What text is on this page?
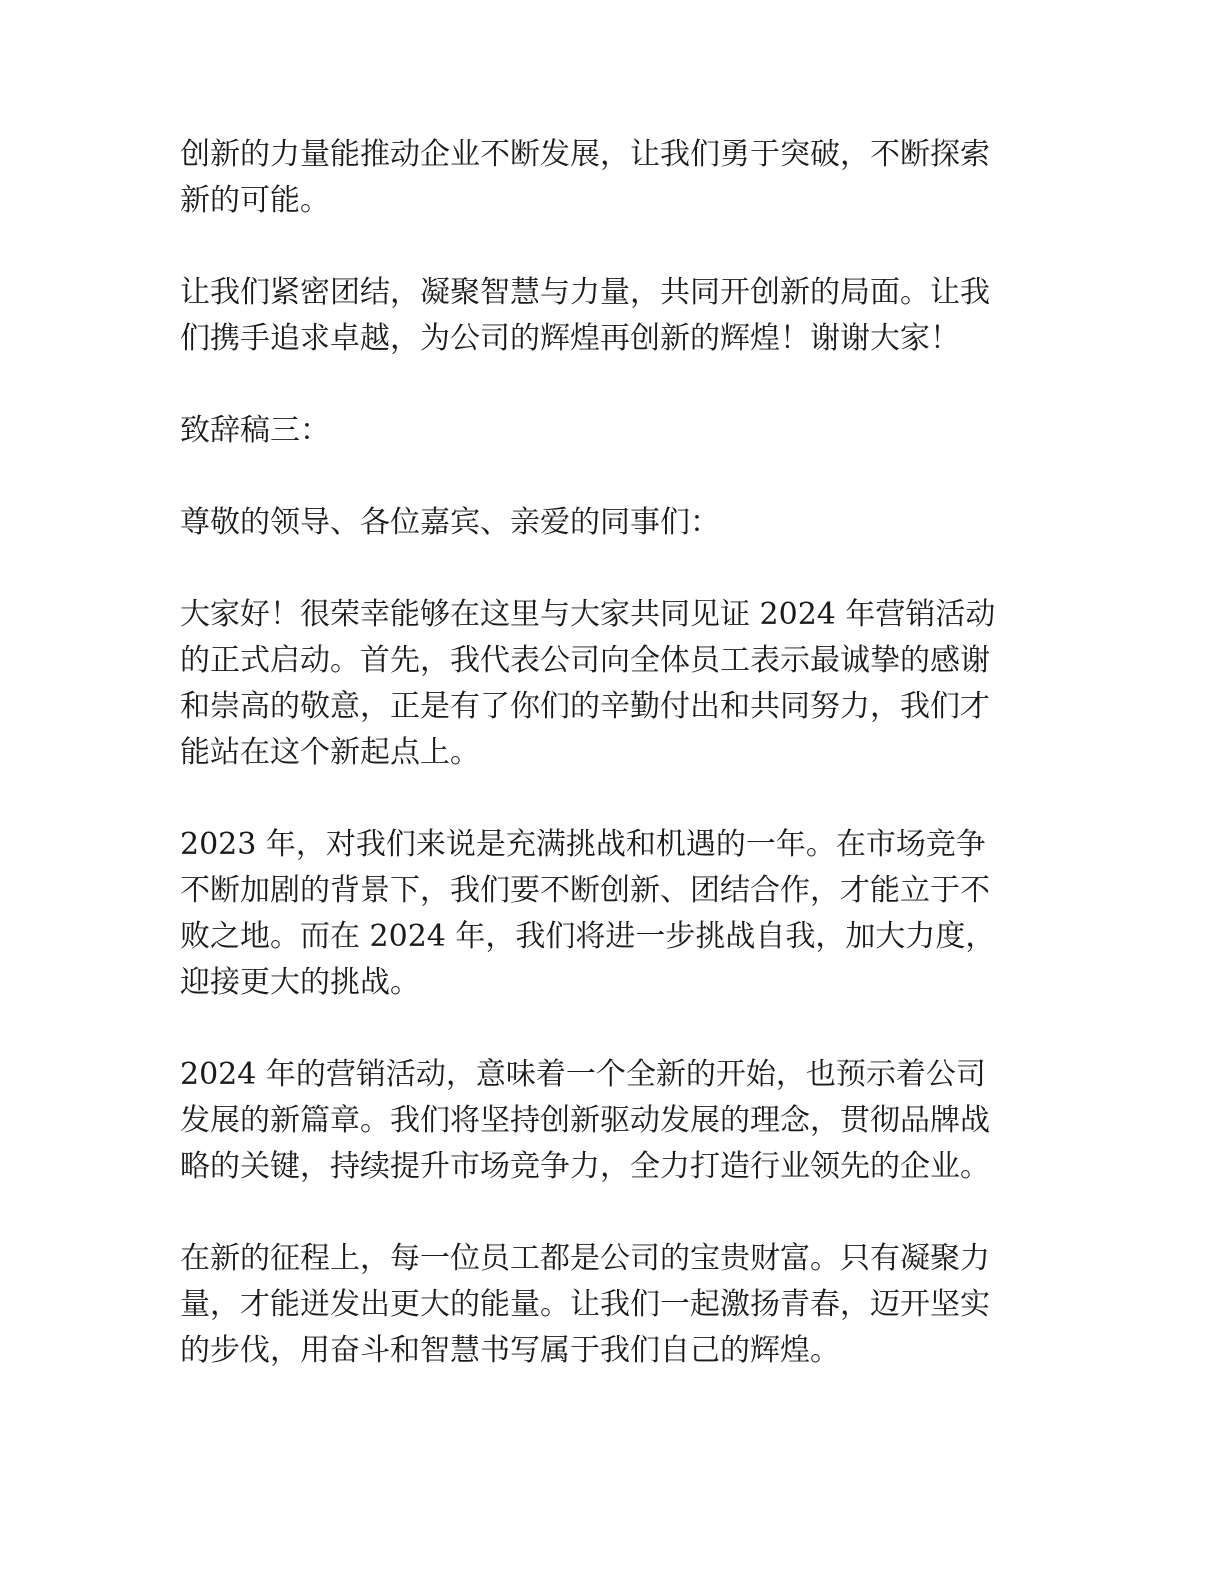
创新的力量能推动企业不断发展，让我们勇于突破，不断探索
新的可能。

让我们紧密团结，凝聚智慧与力量，共同开创新的局面。让我
们携手追求卓越，为公司的辉煌再创新的辉煌！谢谢大家！

致辞稿三：

尊敬的领导、各位嘉宾、亲爱的同事们：

大家好！很荣幸能够在这里与大家共同见证 2024 年营销活动
的正式启动。首先，我代表公司向全体员工表示最诚挚的感谢
和崇高的敬意，正是有了你们的辛勤付出和共同努力，我们才
能站在这个新起点上。

2023 年，对我们来说是充满挑战和机遇的一年。在市场竞争
不断加剧的背景下，我们要不断创新、团结合作，才能立于不
败之地。而在 2024 年，我们将进一步挑战自我，加大力度，
迎接更大的挑战。

2024 年的营销活动，意味着一个全新的开始，也预示着公司
发展的新篇章。我们将坚持创新驱动发展的理念，贯彻品牌战
略的关键，持续提升市场竞争力，全力打造行业领先的企业。

在新的征程上，每一位员工都是公司的宝贵财富。只有凝聚力
量，才能迸发出更大的能量。让我们一起激扬青春，迈开坚实
的步伐，用奋斗和智慧书写属于我们自己的辉煌。
